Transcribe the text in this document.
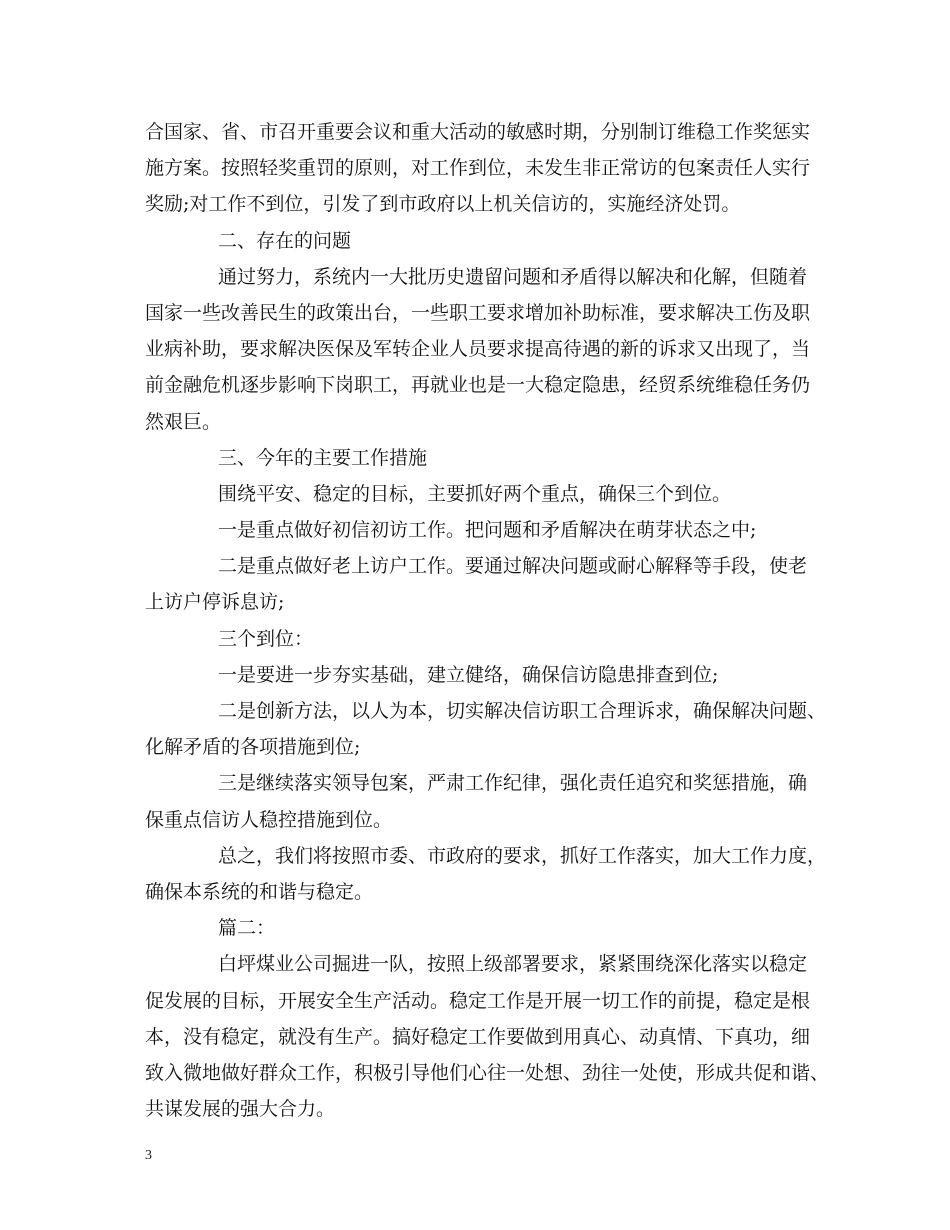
合国家、省、市召开重要会议和重大活动的敏感时期，分别制订维稳工作奖惩实
施方案。按照轻奖重罚的原则，对工作到位，未发生非正常访的包案责任人实行
奖励;对工作不到位，引发了到市政府以上机关信访的，实施经济处罚。
二、存在的问题
通过努力，系统内一大批历史遗留问题和矛盾得以解决和化解，但随着
国家一些改善民生的政策出台，一些职工要求增加补助标准，要求解决工伤及职
业病补助，要求解决医保及军转企业人员要求提高待遇的新的诉求又出现了，当
前金融危机逐步影响下岗职工，再就业也是一大稳定隐患，经贸系统维稳任务仍
然艰巨。
三、今年的主要工作措施
围绕平安、稳定的目标，主要抓好两个重点，确保三个到位。
一是重点做好初信初访工作。把问题和矛盾解决在萌芽状态之中;
二是重点做好老上访户工作。要通过解决问题或耐心解释等手段，使老
上访户停诉息访;
三个到位：
一是要进一步夯实基础，建立健络，确保信访隐患排查到位;
二是创新方法，以人为本，切实解决信访职工合理诉求，确保解决问题、
化解矛盾的各项措施到位;
三是继续落实领导包案，严肃工作纪律，强化责任追究和奖惩措施，确
保重点信访人稳控措施到位。
总之，我们将按照市委、市政府的要求，抓好工作落实，加大工作力度，
确保本系统的和谐与稳定。
篇二：
白坪煤业公司掘进一队，按照上级部署要求，紧紧围绕深化落实以稳定
促发展的目标，开展安全生产活动。稳定工作是开展一切工作的前提，稳定是根
本，没有稳定，就没有生产。搞好稳定工作要做到用真心、动真情、下真功，细
致入微地做好群众工作，积极引导他们心往一处想、劲往一处使，形成共促和谐、
共谋发展的强大合力。
3
